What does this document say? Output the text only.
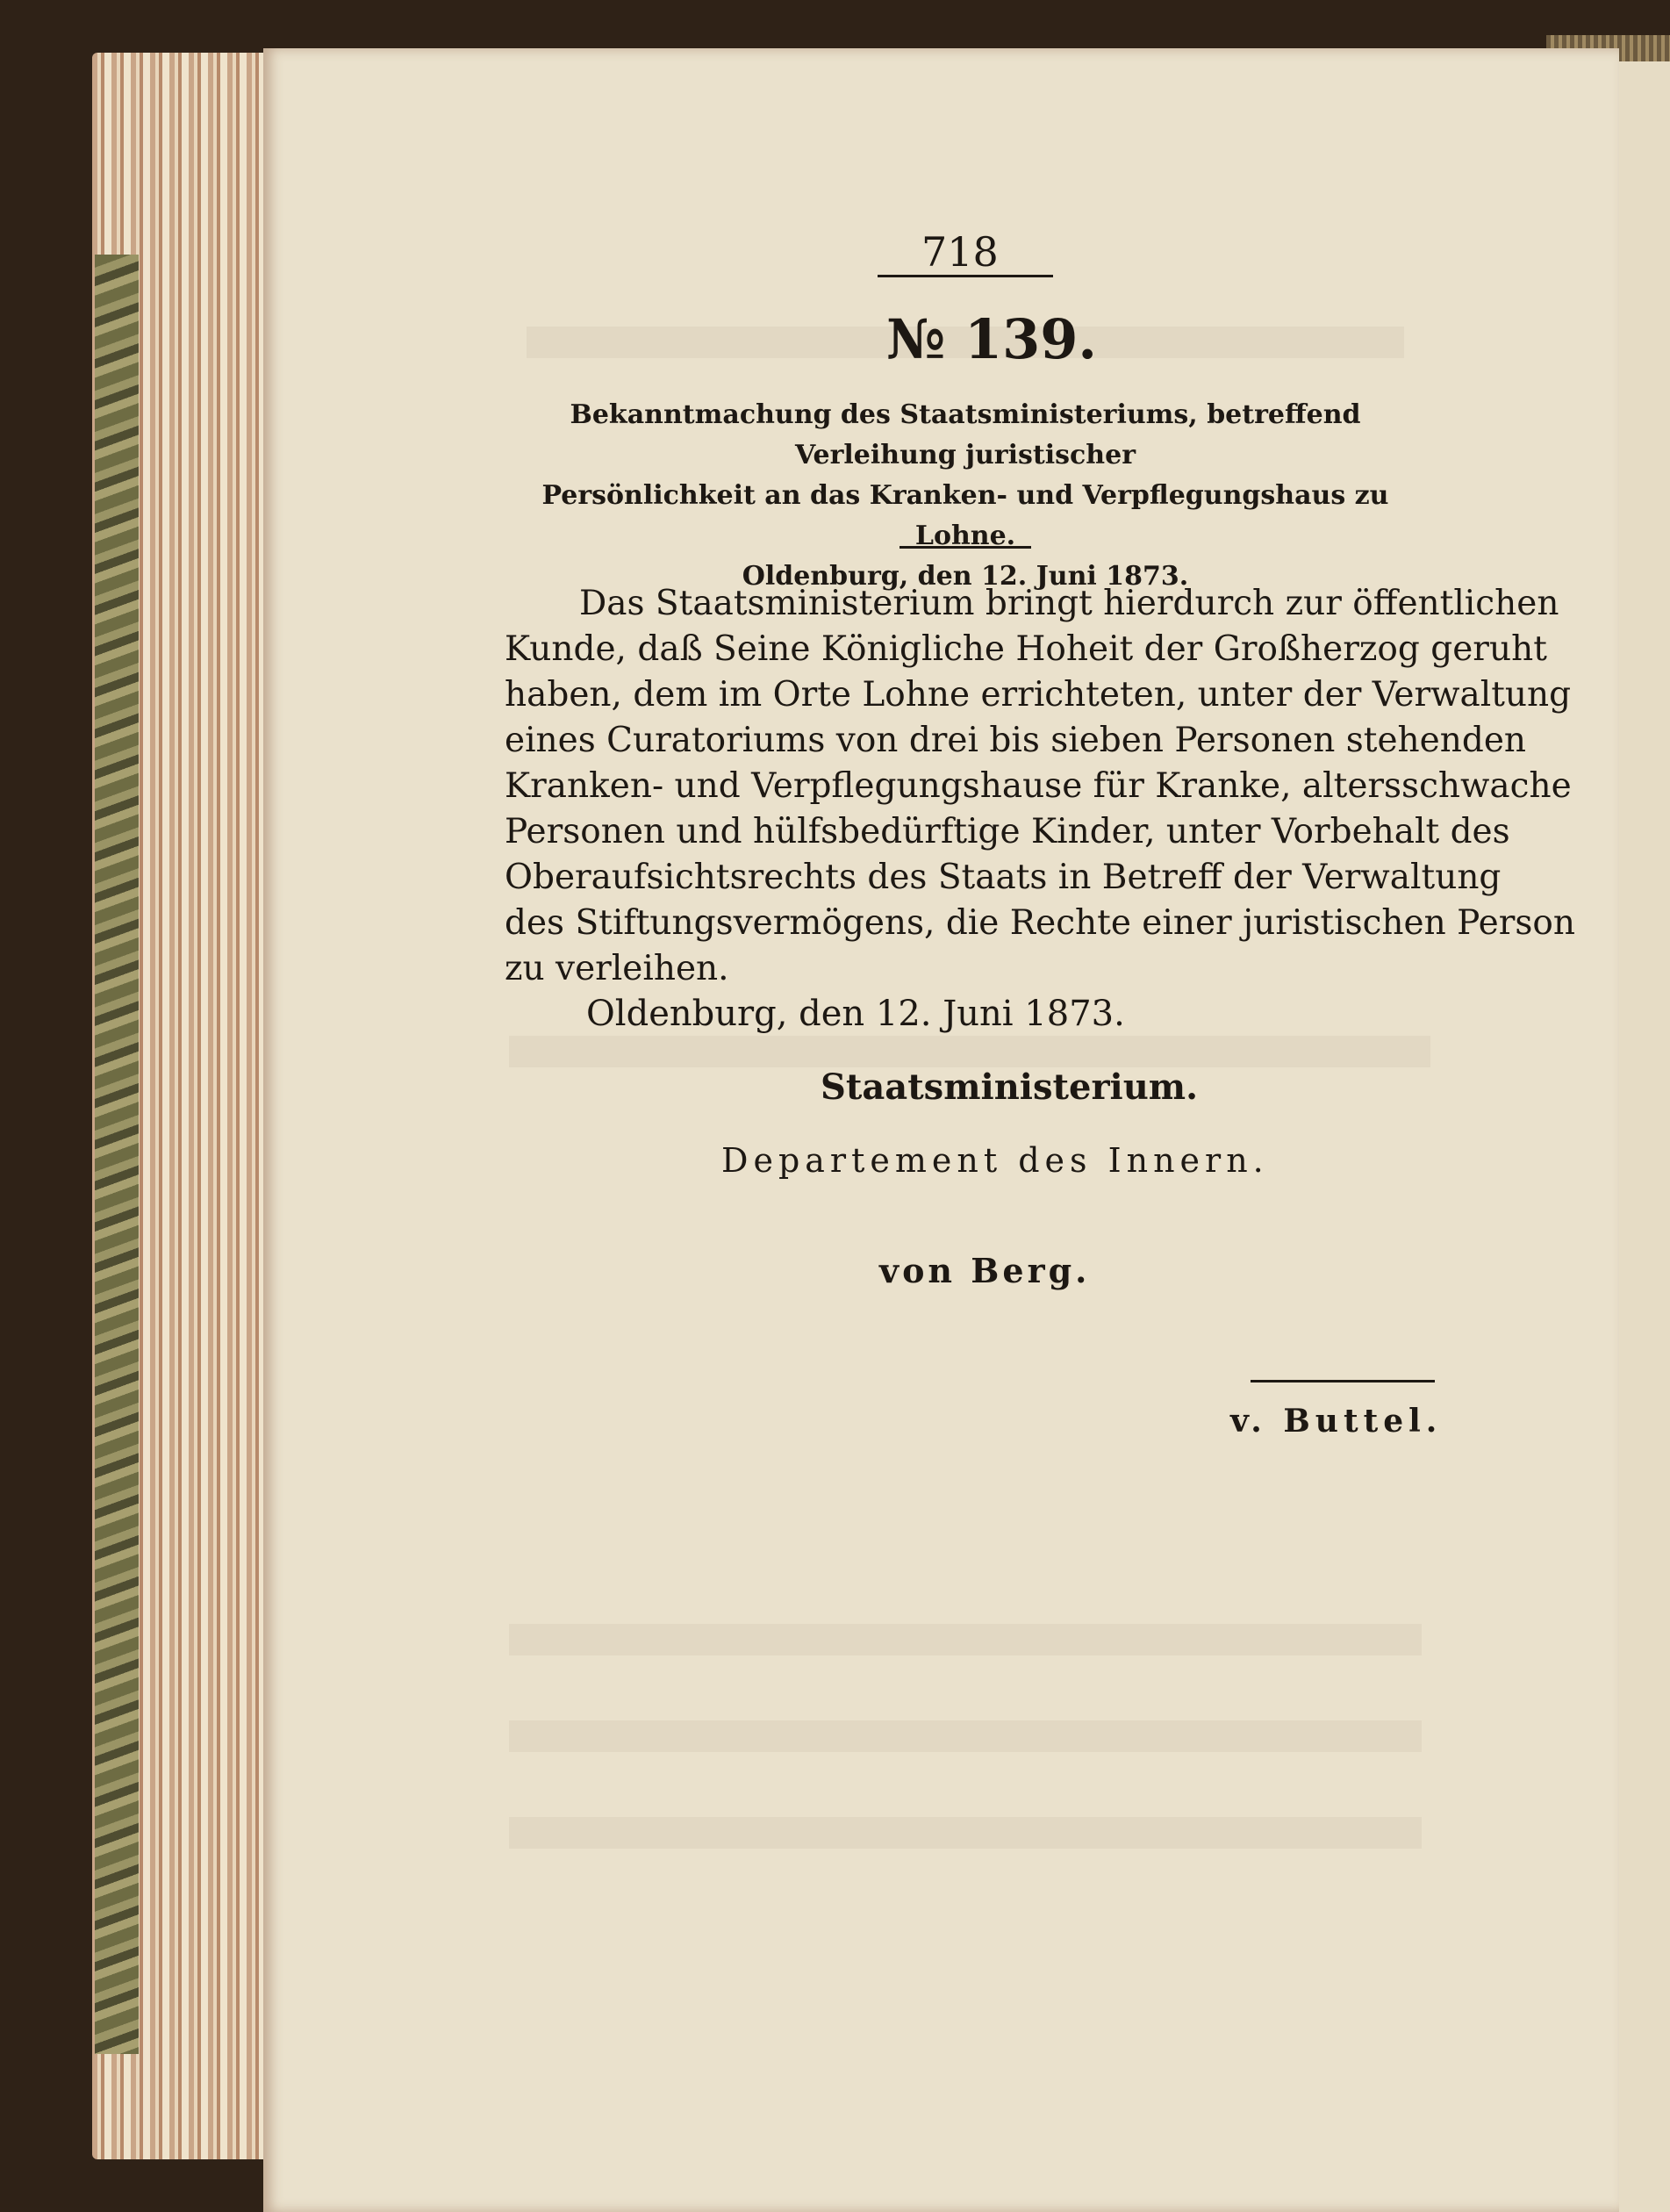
718
№ 139.
Bekanntmachung des Staatsministeriums, betreffend Verleihung juristischer
Persönlichkeit an das Kranken- und Verpflegungshaus zu Lohne.
Oldenburg, den 12. Juni 1873.
Das Staatsministerium bringt hierdurch zur öffentlichen
Kunde, daß Seine Königliche Hoheit der Großherzog geruht
haben, dem im Orte Lohne errichteten, unter der Verwaltung
eines Curatoriums von drei bis sieben Personen stehenden
Kranken- und Verpflegungshause für Kranke, altersschwache
Personen und hülfsbedürftige Kinder, unter Vorbehalt des
Oberaufsichtsrechts des Staats in Betreff der Verwaltung
des Stiftungsvermögens, die Rechte einer juristischen Person
zu verleihen.
Oldenburg, den 12. Juni 1873.
Staatsministerium.
Departement des Innern.
von Berg.
v. Buttel.
